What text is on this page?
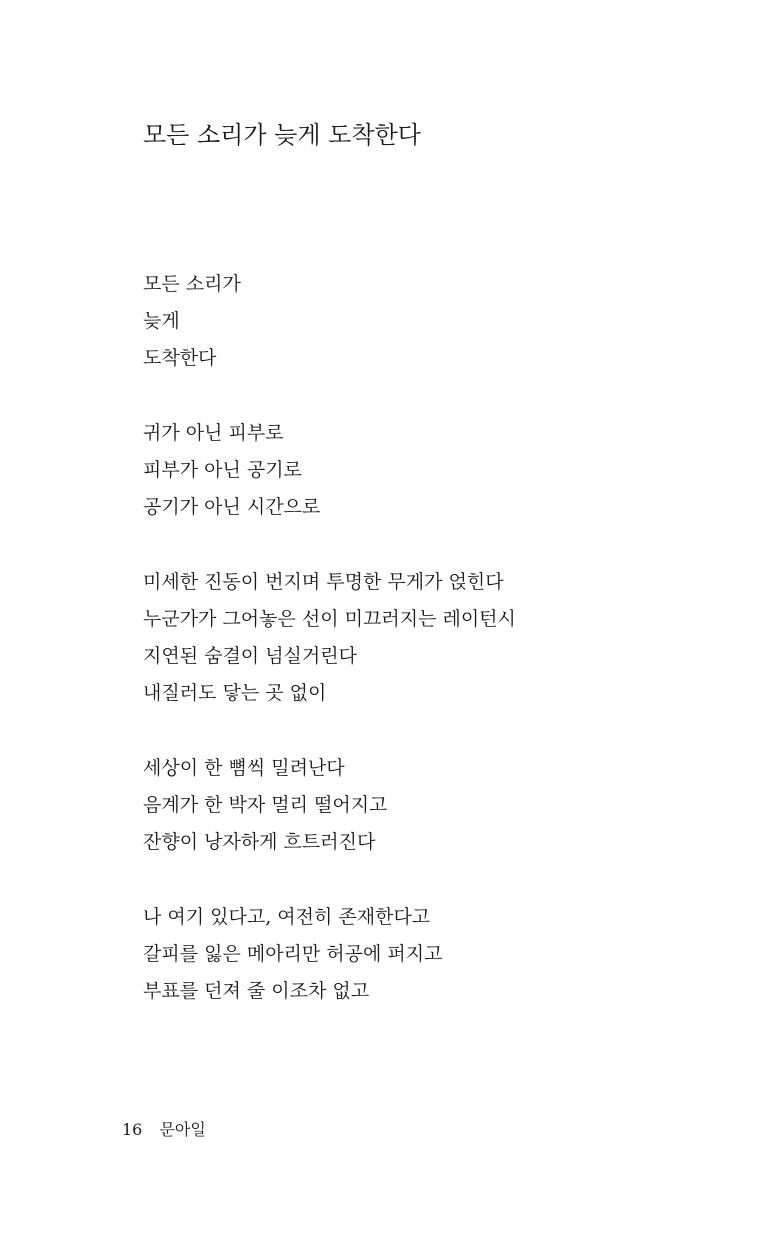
모든 소리가 늦게 도착한다
모든 소리가
늦게
도착한다
귀가 아닌 피부로
피부가 아닌 공기로
공기가 아닌 시간으로
미세한 진동이 번지며 투명한 무게가 얹힌다
누군가가 그어놓은 선이 미끄러지는 레이턴시
지연된 숨결이 넘실거린다
내질러도 닿는 곳 없이
세상이 한 뼘씩 밀려난다
음계가 한 박자 멀리 떨어지고
잔향이 낭자하게 흐트러진다
나 여기 있다고, 여전히 존재한다고
갈피를 잃은 메아리만 허공에 퍼지고
부표를 던져 줄 이조차 없고
16 문아일
